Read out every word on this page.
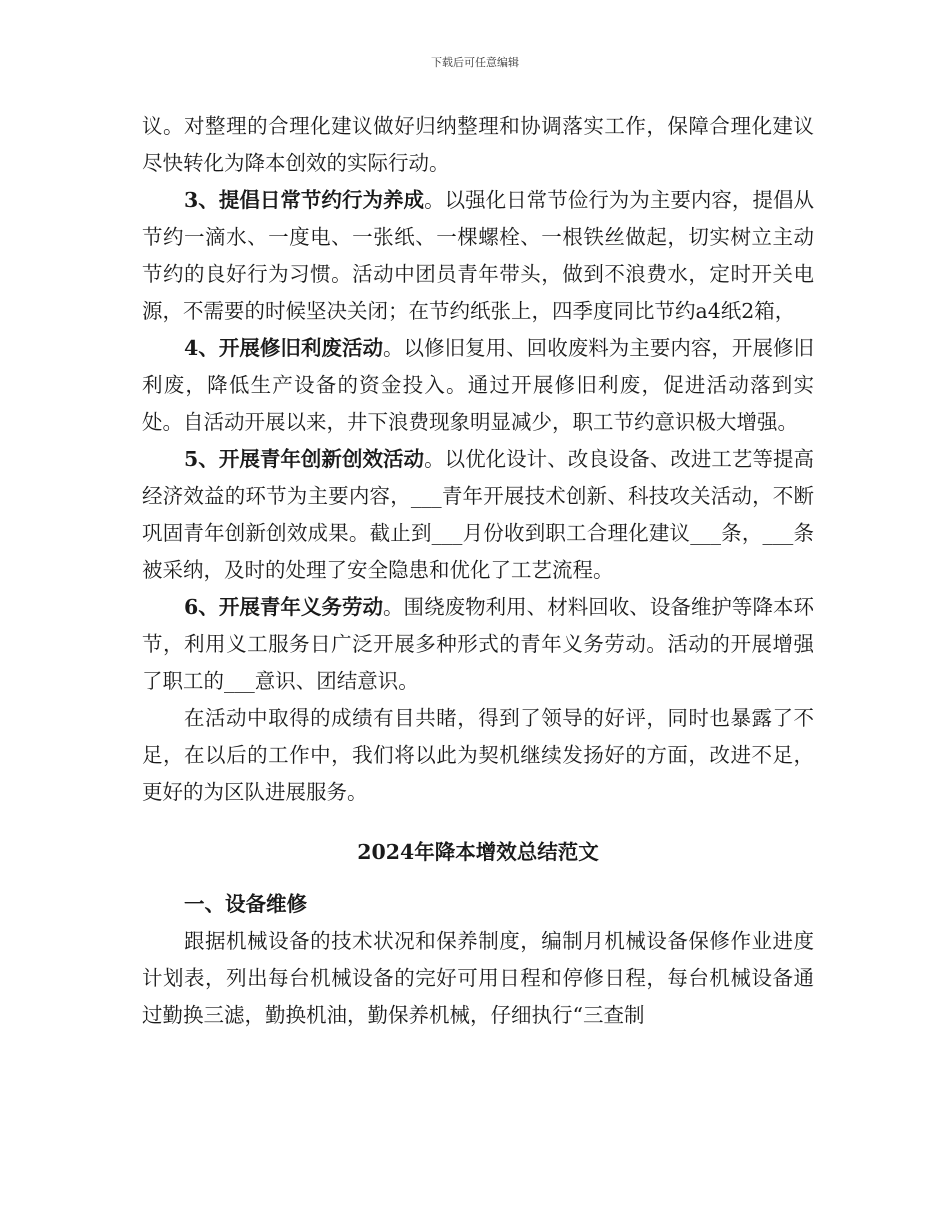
下载后可任意编辑

议。对整理的合理化建议做好归纳整理和协调落实工作，保障合理化建议尽快转化为降本创效的实际行动。

3、提倡日常节约行为养成。以强化日常节俭行为为主要内容，提倡从节约一滴水、一度电、一张纸、一棵螺栓、一根铁丝做起，切实树立主动节约的良好行为习惯。活动中团员青年带头，做到不浪费水，定时开关电源，不需要的时候坚决关闭；在节约纸张上，四季度同比节约a4纸2箱，

4、开展修旧利废活动。以修旧复用、回收废料为主要内容，开展修旧利废，降低生产设备的资金投入。通过开展修旧利废，促进活动落到实处。自活动开展以来，井下浪费现象明显减少，职工节约意识极大增强。

5、开展青年创新创效活动。以优化设计、改良设备、改进工艺等提高经济效益的环节为主要内容，___青年开展技术创新、科技攻关活动，不断巩固青年创新创效成果。截止到___月份收到职工合理化建议___条，___条被采纳，及时的处理了安全隐患和优化了工艺流程。

6、开展青年义务劳动。围绕废物利用、材料回收、设备维护等降本环节，利用义工服务日广泛开展多种形式的青年义务劳动。活动的开展增强了职工的___意识、团结意识。

在活动中取得的成绩有目共睹，得到了领导的好评，同时也暴露了不足，在以后的工作中，我们将以此为契机继续发扬好的方面，改进不足，更好的为区队进展服务。

2024年降本增效总结范文

一、设备维修

跟据机械设备的技术状况和保养制度，编制月机械设备保修作业进度计划表，列出每台机械设备的完好可用日程和停修日程，每台机械设备通过勤换三滤，勤换机油，勤保养机械，仔细执行“三查制
